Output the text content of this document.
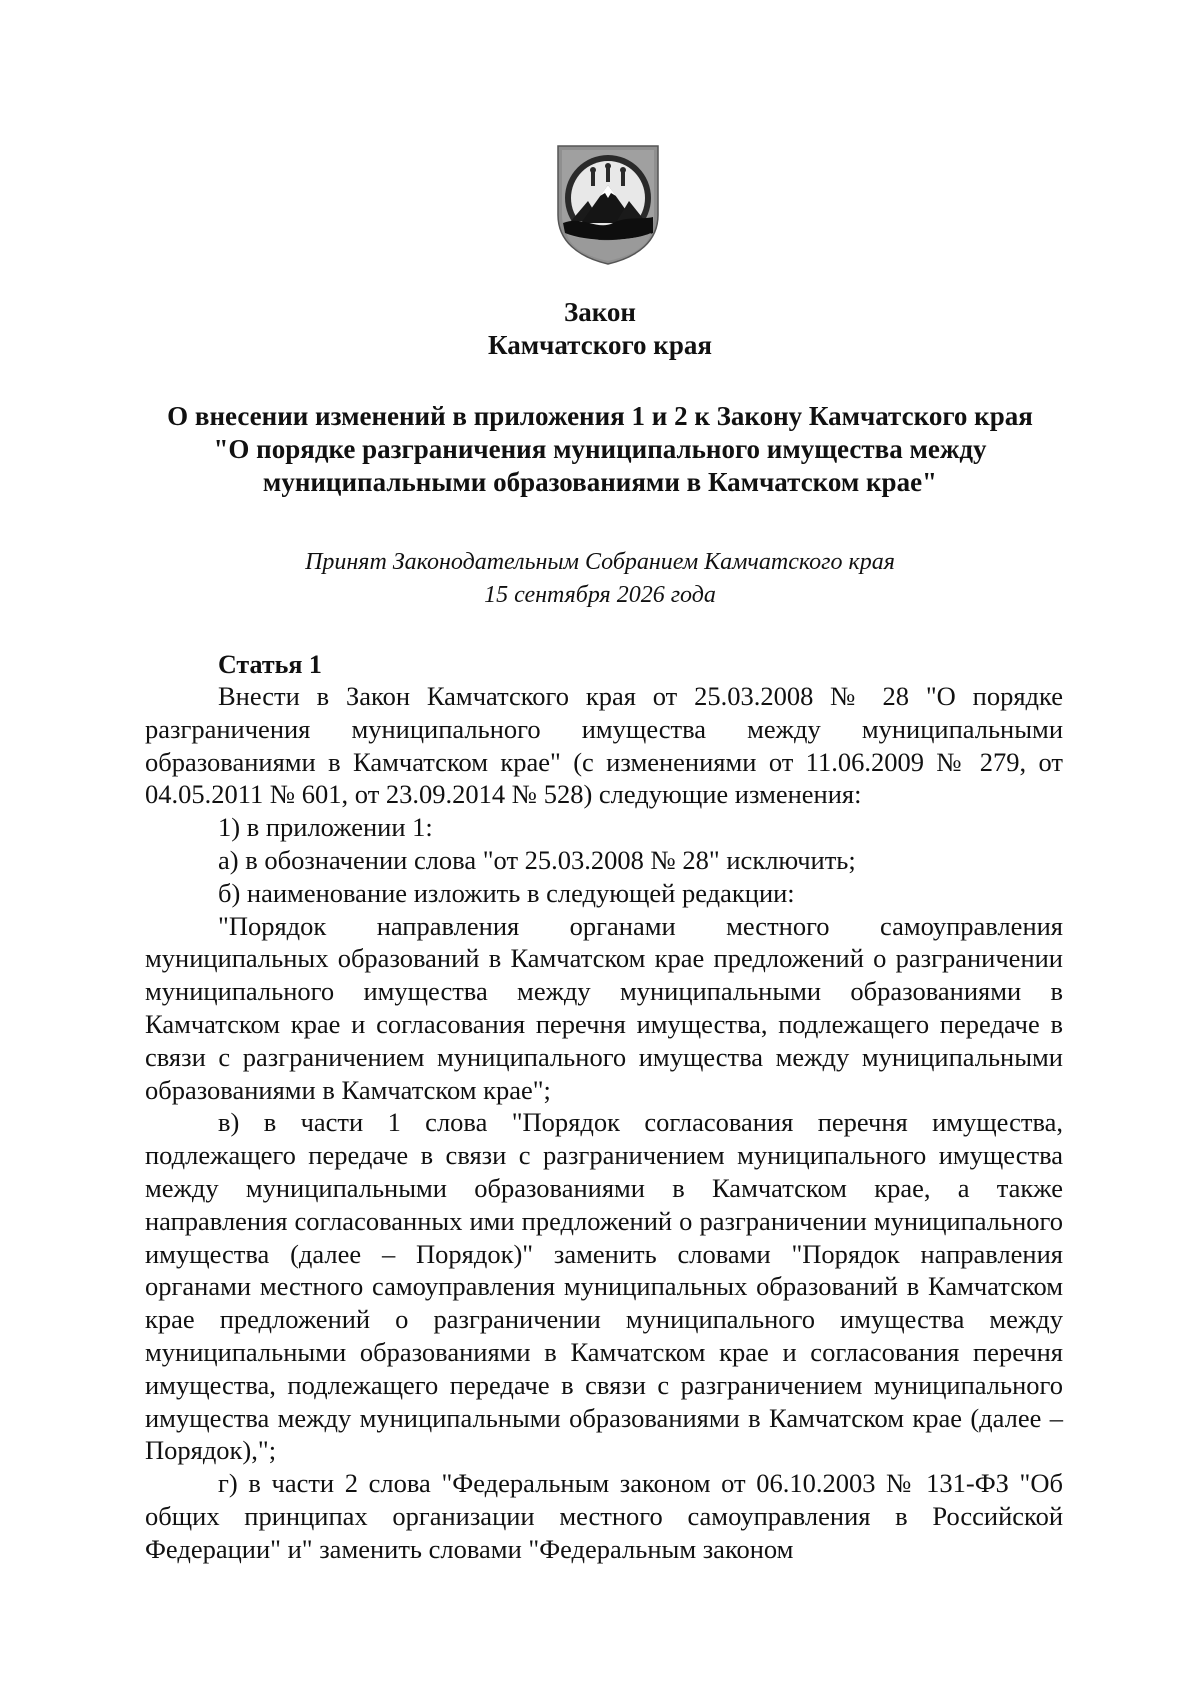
Закон
Камчатского края
О внесении изменений в приложения 1 и 2 к Закону Камчатского края
"О порядке разграничения муниципального имущества между
муниципальными образованиями в Камчатском крае"
Принят Законодательным Собранием Камчатского края
15 сентября 2026 года
Статья 1

Внести в Закон Камчатского края от 25.03.2008 № 28 "О порядке разграничения муниципального имущества между муниципальными образованиями в Камчатском крае" (с изменениями от 11.06.2009 № 279, от 04.05.2011 № 601, от 23.09.2014 № 528) следующие изменения:

1) в приложении 1:

а) в обозначении слова "от 25.03.2008 № 28" исключить;

б) наименование изложить в следующей редакции:

"Порядок направления органами местного самоуправления муниципальных образований в Камчатском крае предложений о разграничении муниципального имущества между муниципальными образованиями в Камчатском крае и согласования перечня имущества, подлежащего передаче в связи с разграничением муниципального имущества между муниципальными образованиями в Камчатском крае";

в) в части 1 слова "Порядок согласования перечня имущества, подлежащего передаче в связи с разграничением муниципального имущества между муниципальными образованиями в Камчатском крае, а также направления согласованных ими предложений о разграничении муниципального имущества (далее – Порядок)" заменить словами "Порядок направления органами местного самоуправления муниципальных образований в Камчатском крае предложений о разграничении муниципального имущества между муниципальными образованиями в Камчатском крае и согласования перечня имущества, подлежащего передаче в связи с разграничением муниципального имущества между муниципальными образованиями в Камчатском крае (далее – Порядок),";

г) в части 2 слова "Федеральным законом от 06.10.2003 № 131-ФЗ "Об общих принципах организации местного самоуправления в Российской Федерации" и" заменить словами "Федеральным законом
